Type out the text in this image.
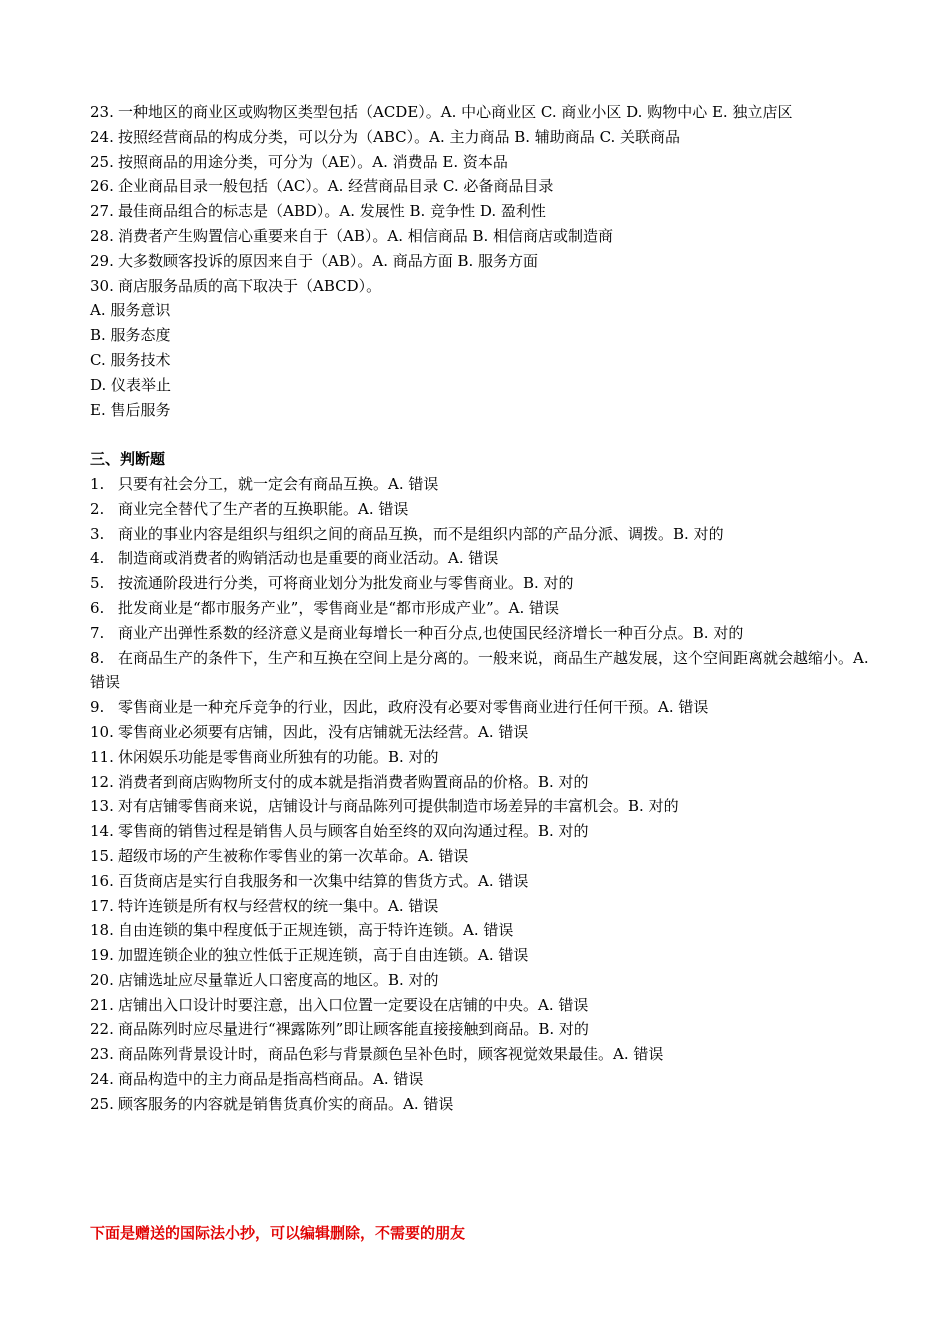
23. 一种地区的商业区或购物区类型包括（ACDE）。A. 中心商业区 C. 商业小区 D. 购物中心 E. 独立店区

24. 按照经营商品的构成分类，可以分为（ABC）。A. 主力商品 B. 辅助商品 C. 关联商品

25. 按照商品的用途分类，可分为（AE）。A. 消费品 E. 资本品

26. 企业商品目录一般包括（AC）。A. 经营商品目录 C. 必备商品目录

27. 最佳商品组合的标志是（ABD）。A. 发展性 B. 竞争性 D. 盈利性

28. 消费者产生购置信心重要来自于（AB）。A. 相信商品 B. 相信商店或制造商

29. 大多数顾客投诉的原因来自于（AB）。A. 商品方面 B. 服务方面

30. 商店服务品质的高下取决于（ABCD）。

A. 服务意识

B. 服务态度

C. 服务技术

D. 仪表举止

E. 售后服务

三、判断题

1. 只要有社会分工，就一定会有商品互换。A. 错误

2. 商业完全替代了生产者的互换职能。A. 错误

3. 商业的事业内容是组织与组织之间的商品互换，而不是组织内部的产品分派、调拨。B. 对的

4. 制造商或消费者的购销活动也是重要的商业活动。A. 错误

5. 按流通阶段进行分类，可将商业划分为批发商业与零售商业。B. 对的

6. 批发商业是“都市服务产业”，零售商业是“都市形成产业”。A. 错误

7. 商业产出弹性系数的经济意义是商业每增长一种百分点,也使国民经济增长一种百分点。B. 对的

8. 在商品生产的条件下，生产和互换在空间上是分离的。一般来说，商品生产越发展，这个空间距离就会越缩小。A. 错误

9. 零售商业是一种充斥竞争的行业，因此，政府没有必要对零售商业进行任何干预。A. 错误

10. 零售商业必须要有店铺，因此，没有店铺就无法经营。A. 错误

11. 休闲娱乐功能是零售商业所独有的功能。B. 对的

12. 消费者到商店购物所支付的成本就是指消费者购置商品的价格。B. 对的

13. 对有店铺零售商来说，店铺设计与商品陈列可提供制造市场差异的丰富机会。B. 对的

14. 零售商的销售过程是销售人员与顾客自始至终的双向沟通过程。B. 对的

15. 超级市场的产生被称作零售业的第一次革命。A. 错误

16. 百货商店是实行自我服务和一次集中结算的售货方式。A. 错误

17. 特许连锁是所有权与经营权的统一集中。A. 错误

18. 自由连锁的集中程度低于正规连锁，高于特许连锁。A. 错误

19. 加盟连锁企业的独立性低于正规连锁，高于自由连锁。A. 错误

20. 店铺选址应尽量靠近人口密度高的地区。B. 对的

21. 店铺出入口设计时要注意，出入口位置一定要设在店铺的中央。A. 错误

22. 商品陈列时应尽量进行“裸露陈列”即让顾客能直接接触到商品。B. 对的

23. 商品陈列背景设计时，商品色彩与背景颜色呈补色时，顾客视觉效果最佳。A. 错误

24. 商品构造中的主力商品是指高档商品。A. 错误

25. 顾客服务的内容就是销售货真价实的商品。A. 错误

下面是赠送的国际法小抄，可以编辑删除，不需要的朋友
